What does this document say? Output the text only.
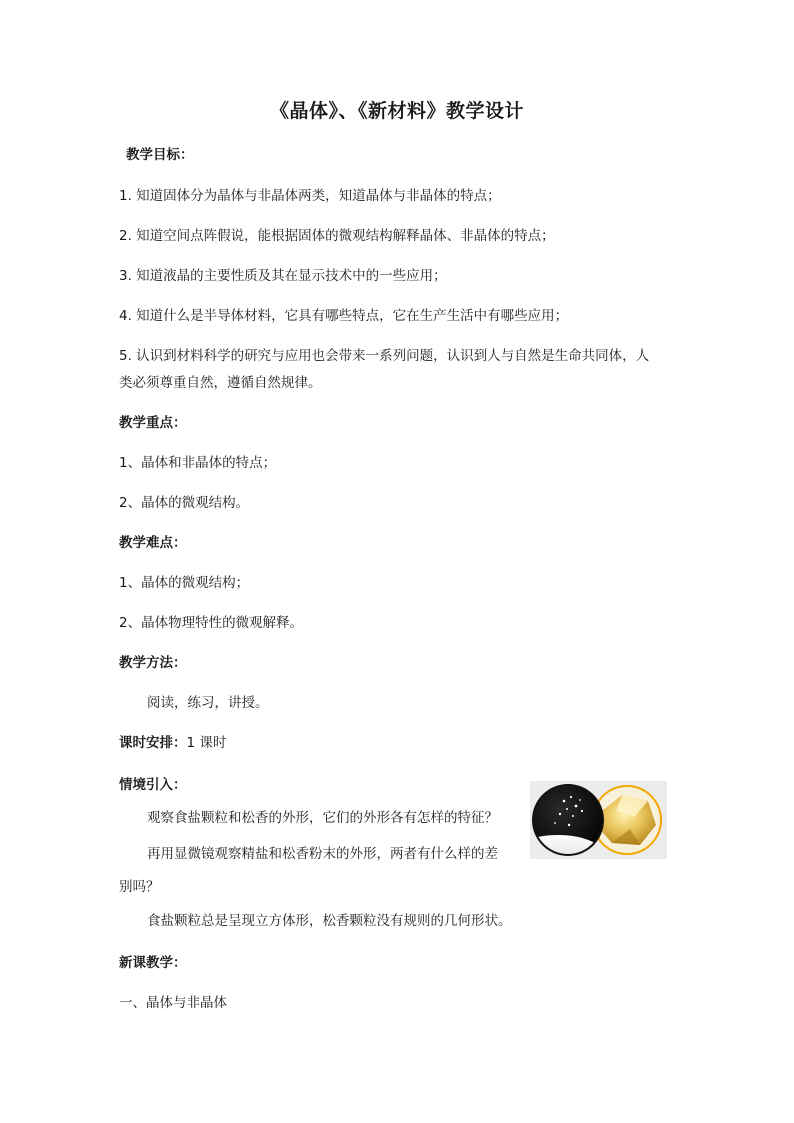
《晶体》、《新材料》教学设计
教学目标：
1. 知道固体分为晶体与非晶体两类，知道晶体与非晶体的特点；
2. 知道空间点阵假说，能根据固体的微观结构解释晶体、非晶体的特点；
3. 知道液晶的主要性质及其在显示技术中的一些应用；
4. 知道什么是半导体材料，它具有哪些特点，它在生产生活中有哪些应用；
5. 认识到材料科学的研究与应用也会带来一系列问题，认识到人与自然是生命共同体，人
类必须尊重自然，遵循自然规律。
教学重点：
1、晶体和非晶体的特点；
2、晶体的微观结构。
教学难点：
1、晶体的微观结构；
2、晶体物理特性的微观解释。
教学方法：
阅读，练习，讲授。
课时安排：1 课时
情境引入：
观察食盐颗粒和松香的外形，它们的外形各有怎样的特征？
再用显微镜观察精盐和松香粉末的外形，两者有什么样的差
别吗？
食盐颗粒总是呈现立方体形，松香颗粒没有规则的几何形状。
新课教学：
一、晶体与非晶体
